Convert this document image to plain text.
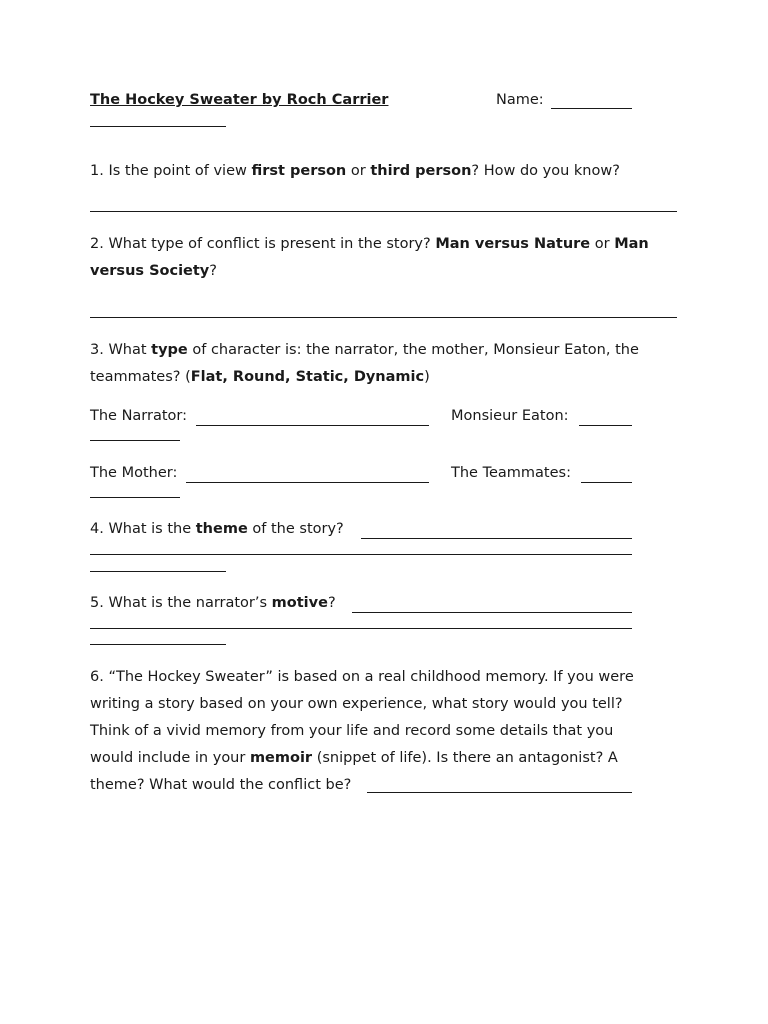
The Hockey Sweater by Roch Carrier	Name:
1. Is the point of view first person or third person? How do you know?
2. What type of conflict is present in the story? Man versus Nature or Man
versus Society?
3. What type of character is: the narrator, the mother, Monsieur Eaton, the
teammates? (Flat, Round, Static, Dynamic)
The Narrator:	Monsieur Eaton:
The Mother:	The Teammates:
4. What is the theme of the story?
5. What is the narrator’s motive?
6. “The Hockey Sweater” is based on a real childhood memory. If you were
writing a story based on your own experience, what story would you tell?
Think of a vivid memory from your life and record some details that you
would include in your memoir (snippet of life). Is there an antagonist? A
theme? What would the conflict be?
